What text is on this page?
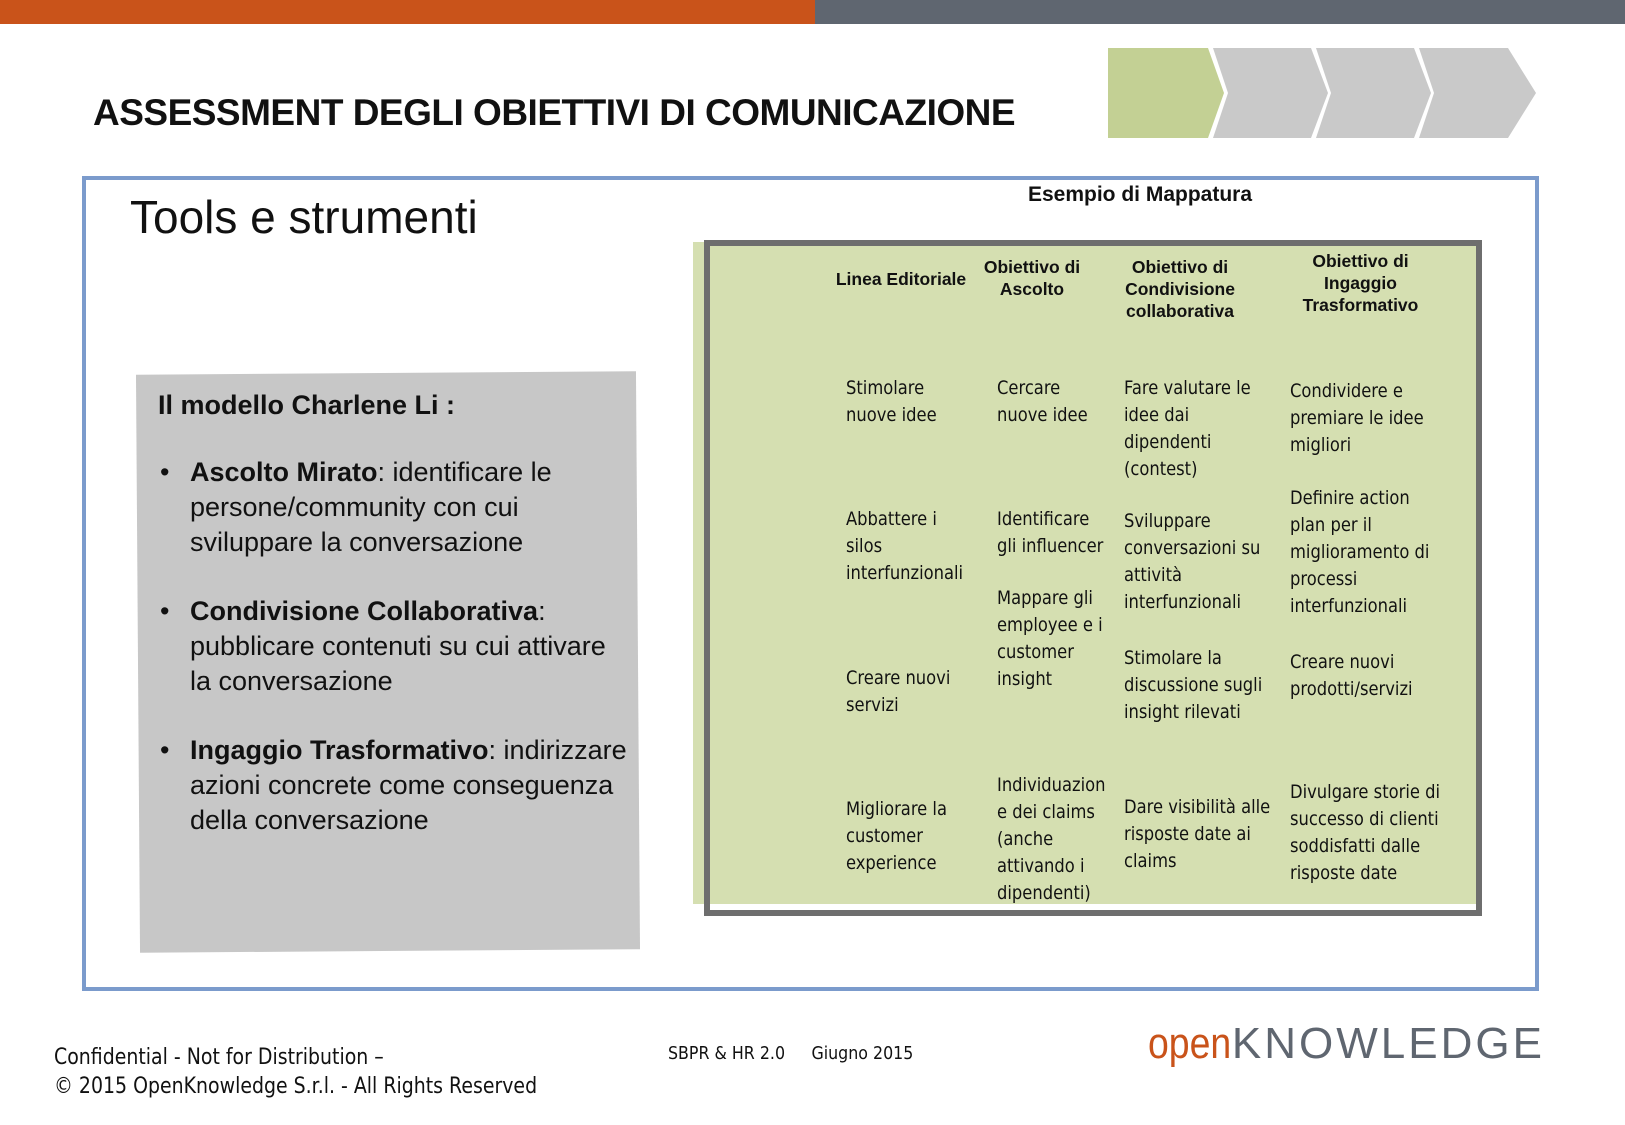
ASSESSMENT DEGLI OBIETTIVI DI COMUNICAZIONE
Tools e strumenti
Il modello Charlene Li :
• Ascolto Mirato: identificare le persone/community con cui sviluppare la conversazione
• Condivisione Collaborativa: pubblicare contenuti su cui attivare la conversazione
• Ingaggio Trasformativo: indirizzare azioni concrete come conseguenza della conversazione
Esempio di Mappatura
Linea Editoriale
Obiettivo di
Ascolto
Obiettivo di
Condivisione
collaborativa
Obiettivo di
Ingaggio
Trasformativo
Stimolare
nuove idee
Abbattere i
silos
interfunzionali
Creare nuovi
servizi
Migliorare la
customer
experience
Cercare
nuove idee
Identificare
gli influencer
Mappare gli
employee e i
customer
insight
Individuazion
e dei claims
(anche
attivando i
dipendenti)
Fare valutare le
idee dai
dipendenti
(contest)
Sviluppare
conversazioni su
attività
interfunzionali
Stimolare la
discussione sugli
insight rilevati
Dare visibilità alle
risposte date ai
claims
Condividere e
premiare le idee
migliori
Definire action
plan per il
miglioramento di
processi
interfunzionali
Creare nuovi
prodotti/servizi
Divulgare storie di
successo di clienti
soddisfatti dalle
risposte date
Confidential - Not for Distribution –
© 2015 OpenKnowledge S.r.l. - All Rights Reserved
SBPR & HR 2.0 Giugno 2015	openKNOWLEDGE
